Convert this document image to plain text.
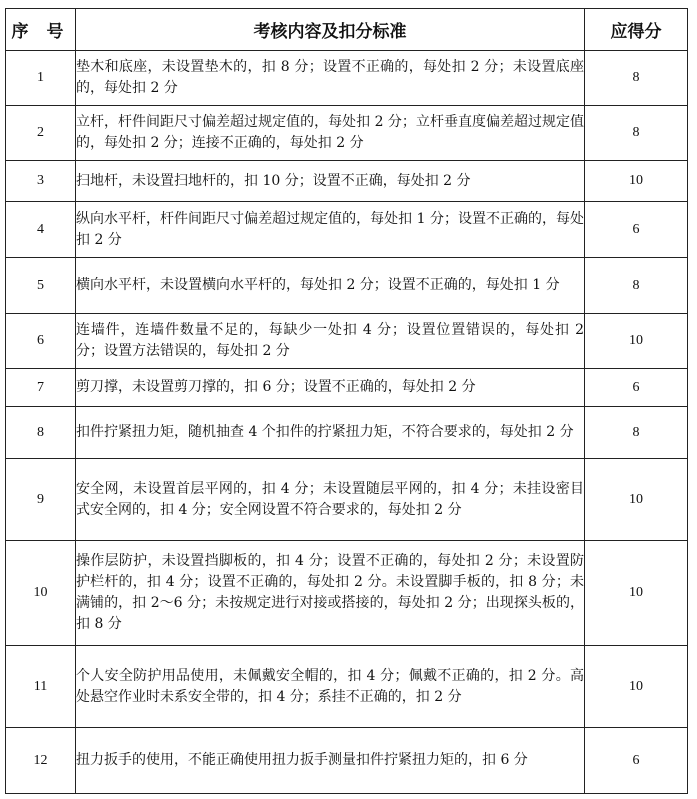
序 号	考核内容及扣分标准	应得分
1	垫木和底座，未设置垫木的，扣 8 分；设置不正确的，每处扣 2 分；未设置底座的，每处扣 2 分	8
2	立杆，杆件间距尺寸偏差超过规定值的，每处扣 2 分；立杆垂直度偏差超过规定值的，每处扣 2 分；连接不正确的，每处扣 2 分	8
3	扫地杆，未设置扫地杆的，扣 10 分；设置不正确，每处扣 2 分	10
4	纵向水平杆，杆件间距尺寸偏差超过规定值的，每处扣 1 分；设置不正确的，每处扣 2 分	6
5	横向水平杆，未设置横向水平杆的，每处扣 2 分；设置不正确的，每处扣 1 分	8
6	连墙件，连墙件数量不足的，每缺少一处扣 4 分；设置位置错误的，每处扣 2 分；设置方法错误的，每处扣 2 分	10
7	剪刀撑，未设置剪刀撑的，扣 6 分；设置不正确的，每处扣 2 分	6
8	扣件拧紧扭力矩，随机抽查 4 个扣件的拧紧扭力矩，不符合要求的，每处扣 2 分	8
9	安全网，未设置首层平网的，扣 4 分；未设置随层平网的，扣 4 分；未挂设密目式安全网的，扣 4 分；安全网设置不符合要求的，每处扣 2 分	10
10	操作层防护，未设置挡脚板的，扣 4 分；设置不正确的，每处扣 2 分；未设置防护栏杆的，扣 4 分；设置不正确的，每处扣 2 分。未设置脚手板的，扣 8 分；未满铺的，扣 2～6 分；未按规定进行对接或搭接的，每处扣 2 分；出现探头板的，扣 8 分	10
11	个人安全防护用品使用，未佩戴安全帽的，扣 4 分；佩戴不正确的，扣 2 分。高处悬空作业时未系安全带的，扣 4 分；系挂不正确的，扣 2 分	10
12	扭力扳手的使用，不能正确使用扭力扳手测量扣件拧紧扭力矩的，扣 6 分	6
